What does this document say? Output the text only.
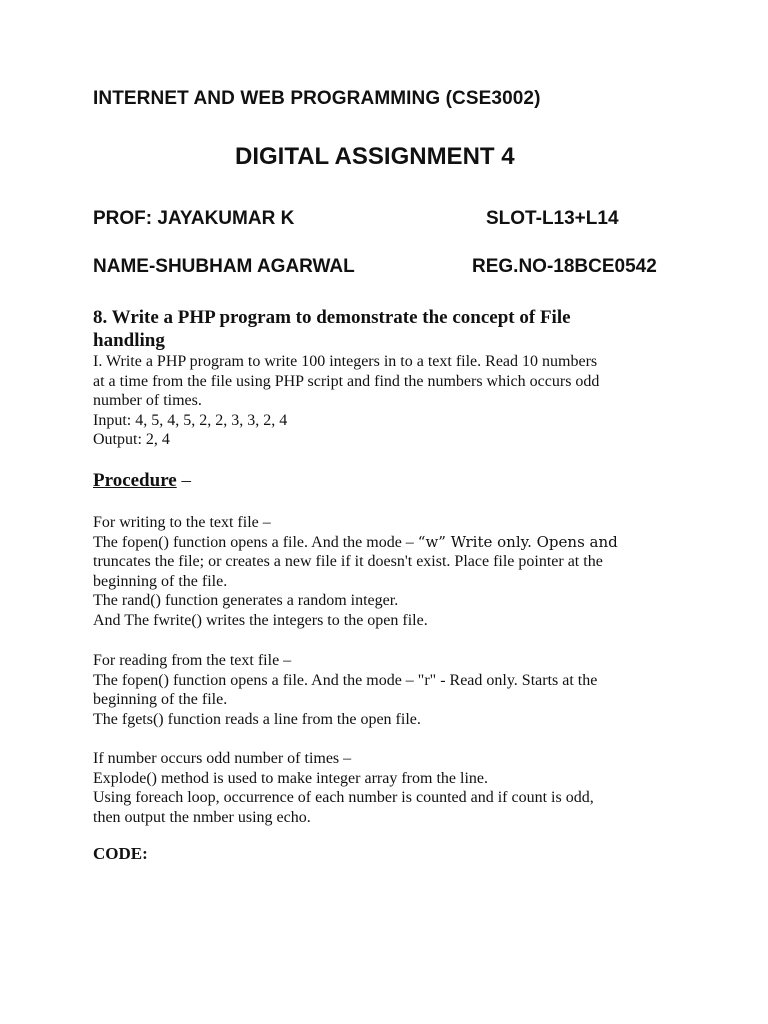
INTERNET AND WEB PROGRAMMING (CSE3002)
DIGITAL ASSIGNMENT 4
PROF: JAYAKUMAR K	SLOT-L13+L14
NAME-SHUBHAM AGARWAL	REG.NO-18BCE0542
8. Write a PHP program to demonstrate the concept of File
handling
I. Write a PHP program to write 100 integers in to a text file. Read 10 numbers
at a time from the file using PHP script and find the numbers which occurs odd
number of times.
Input: 4, 5, 4, 5, 2, 2, 3, 3, 2, 4
Output: 2, 4
Procedure –
For writing to the text file –
The fopen() function opens a file. And the mode – “w” Write only. Opens and
truncates the file; or creates a new file if it doesn't exist. Place file pointer at the
beginning of the file.
The rand() function generates a random integer.
And The fwrite() writes the integers to the open file.
For reading from the text file –
The fopen() function opens a file. And the mode – "r" - Read only. Starts at the
beginning of the file.
The fgets() function reads a line from the open file.
If number occurs odd number of times –
Explode() method is used to make integer array from the line.
Using foreach loop, occurrence of each number is counted and if count is odd,
then output the nmber using echo.
CODE:
